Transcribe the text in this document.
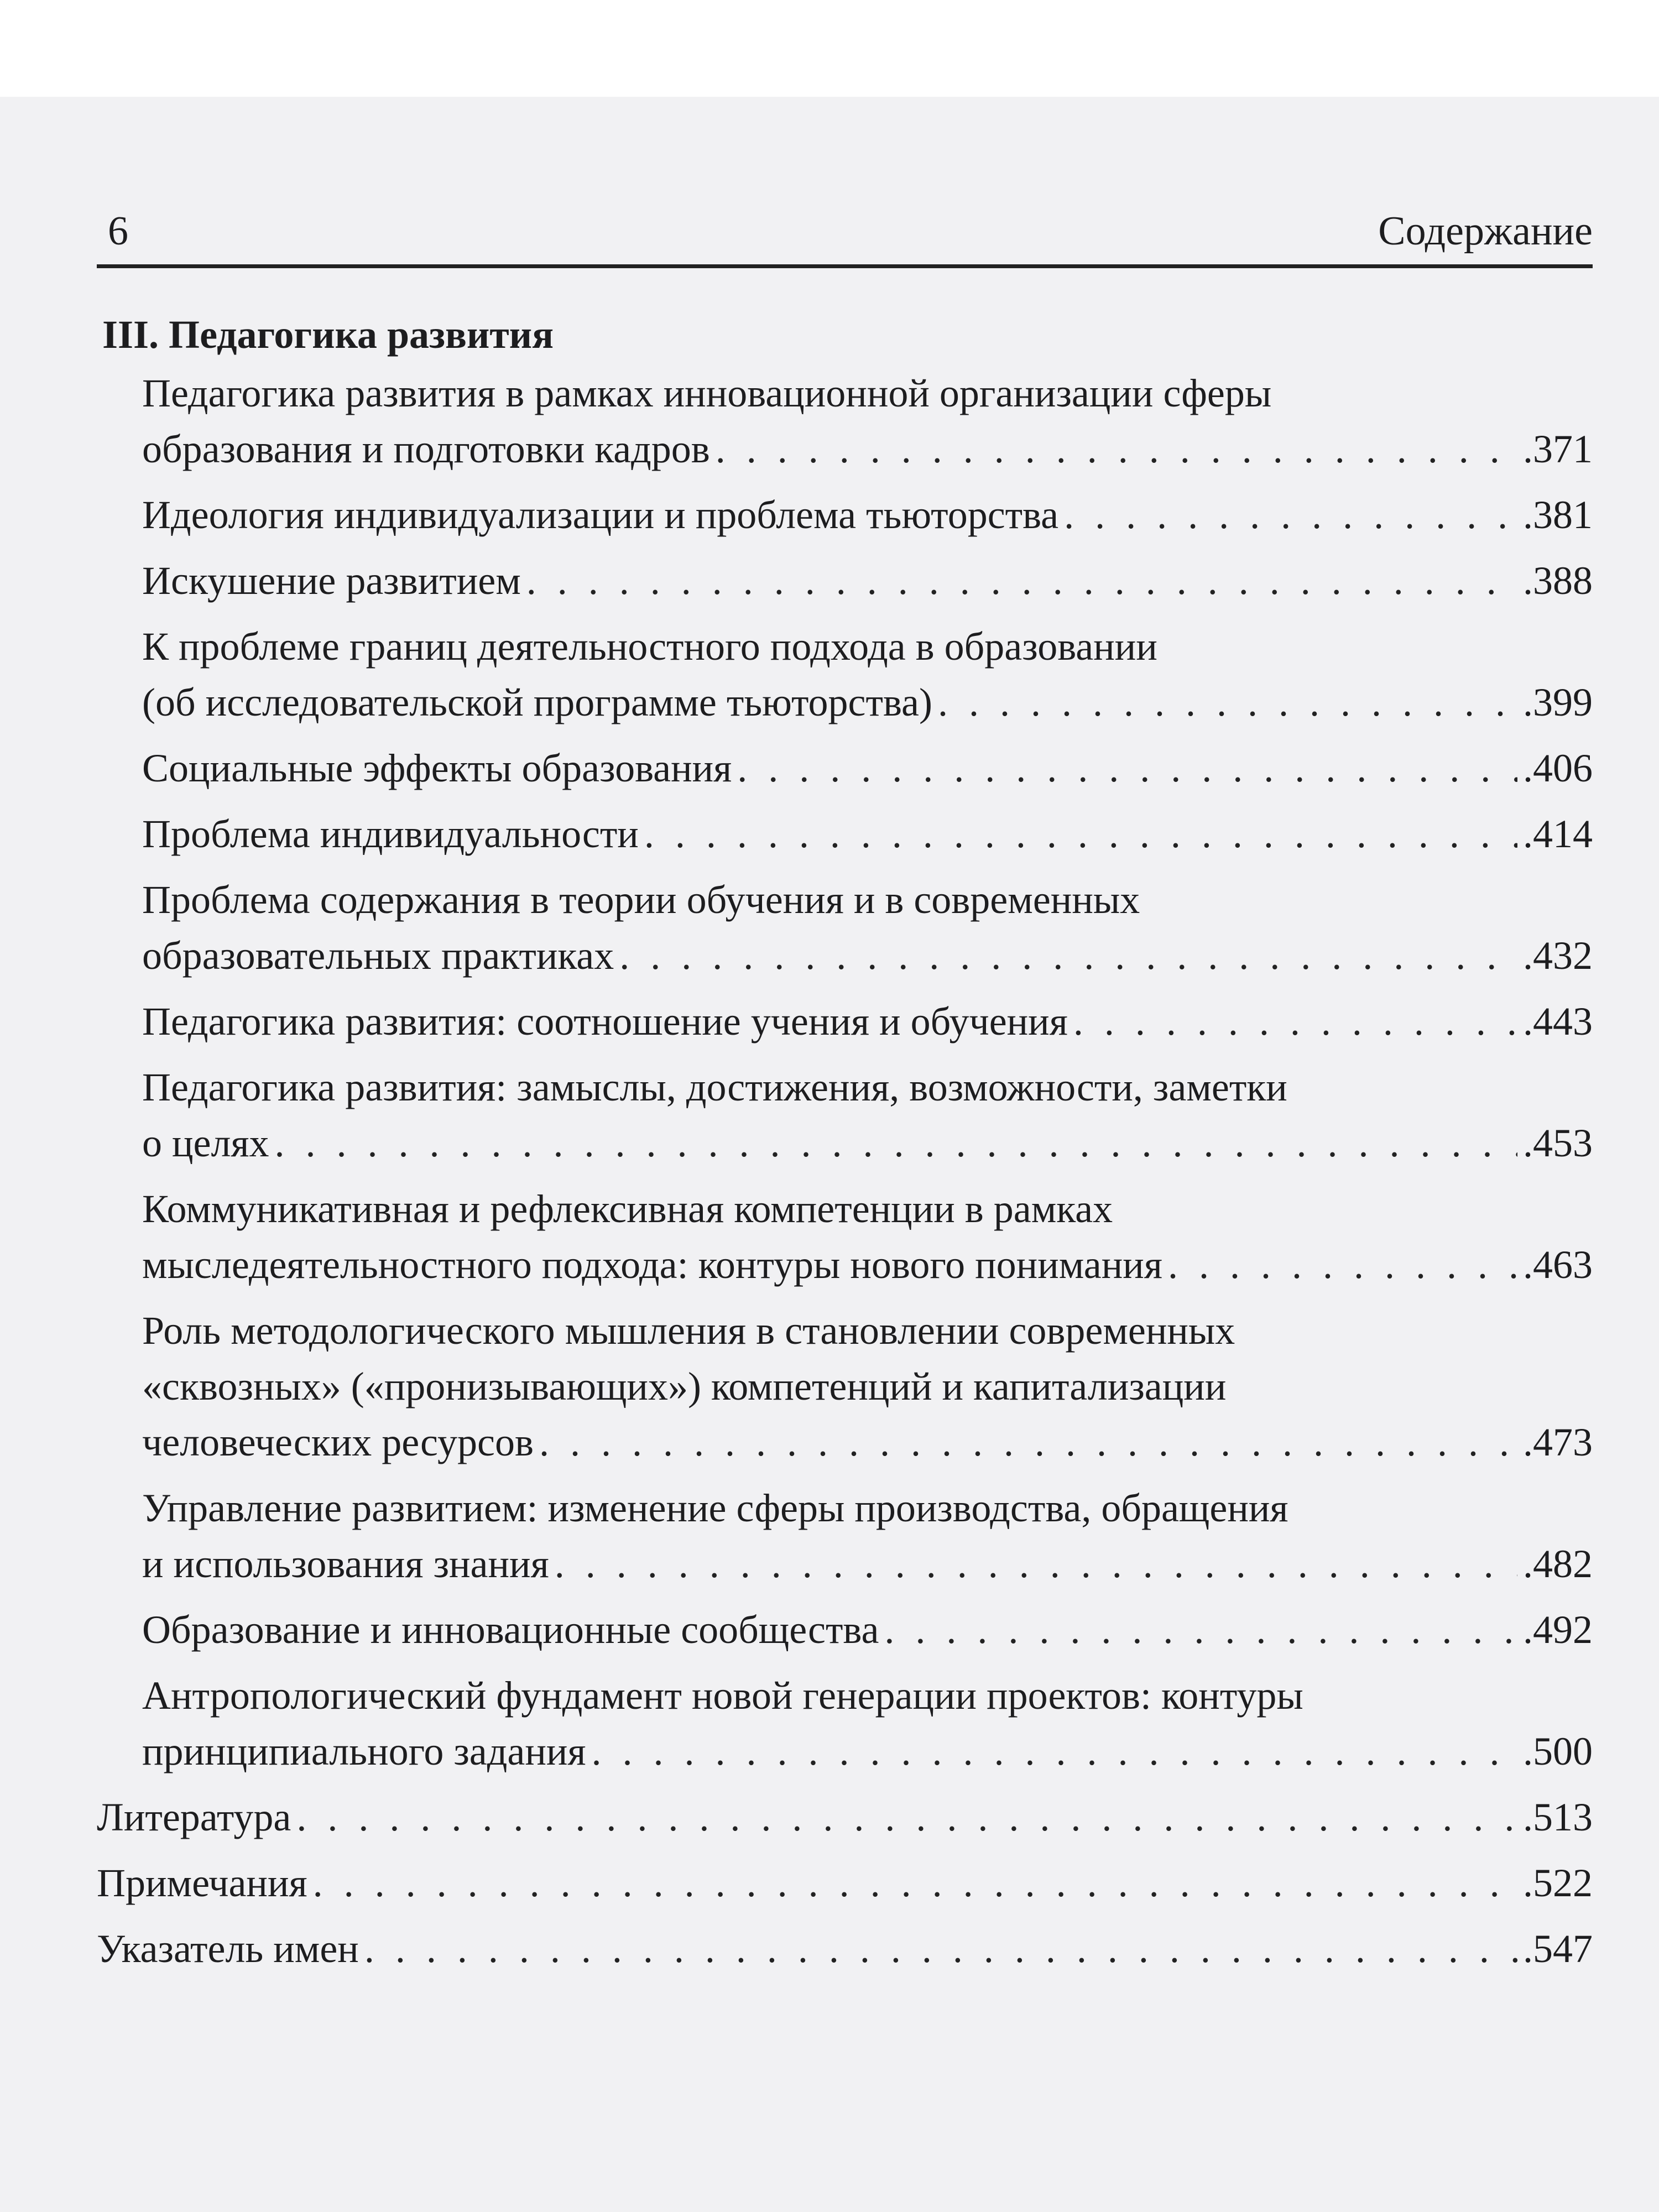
6	Содержание
III. Педагогика развития
Педагогика развития в рамках инновационной организации сферы
образования и подготовки кадров . . .	.371
Идеология индивидуализации и проблема тьюторства . . .	.381
Искушение развитием . . .	.388
К проблеме границ деятельностного подхода в образовании
(об исследовательской программе тьюторства) . . .	.399
Социальные эффекты образования . . .	.406
Проблема индивидуальности . . .	.414
Проблема содержания в теории обучения и в современных
образовательных практиках . . .	.432
Педагогика развития: соотношение учения и обучения . . .	.443
Педагогика развития: замыслы, достижения, возможности, заметки
о целях . . .	.453
Коммуникативная и рефлексивная компетенции в рамках
мыследеятельностного подхода: контуры нового понимания . . .	.463
Роль методологического мышления в становлении современных
«сквозных» («пронизывающих») компетенций и капитализации
человеческих ресурсов . . .	.473
Управление развитием: изменение сферы производства, обращения
и использования знания . . .	.482
Образование и инновационные сообщества . . .	.492
Антропологический фундамент новой генерации проектов: контуры
принципиального задания . . .	.500
Литература . . .	.513
Примечания . . .	.522
Указатель имен . . .	.547
